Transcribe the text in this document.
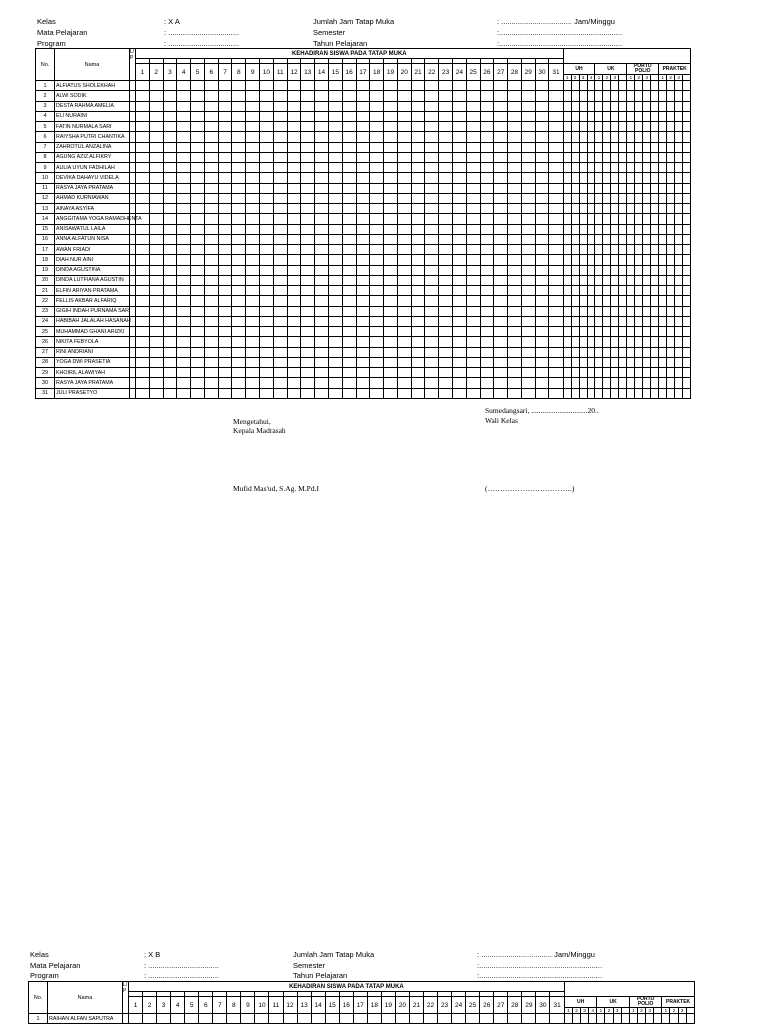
Kelas	: X A
Mata Pelajaran	: ..................................
Program	: ..................................
Jumlah Jam Tatap Muka	: .................................. Jam/Minggu
Semester	:...........................................................
Tahun Pelajaran	:...........................................................
No.	Nama	L/
P	KEHADIRAN SISWA PADA TATAP MUKA																																														

			1	2	3	4	5	6	7	8	9	10	11	12	13	14	15	16	17	18	19	20	21	22	23	24	25	26	27	28	29	30	31	UH				UK				PORTO
POLIO				PRAKTEK			
																																		1	2	3	4	1	2	3		1	2	3		1	2	3	
1	ALFIATUS SHOLEKHAH																																																
2	ALWI SODIK																																																
3	DESTA RAHMA AMELIA																																																
4	ELI NURAINI																																																
5	FATIN NURMALA SARI																																																
6	RAIYSHA PUTRI CHANTIKA																																																
7	ZAHROTUL ANZALINA																																																
8	AGUNG AZIZ ALFIKRY																																																
9	AULIA UYUN FADHILAH																																																
10	DEVIKA DAHAYU VIDELA																																																
11	RASYA JAYA PRATAMA																																																
12	AHMAD KURNIAWAN																																																
13	AINAYA ASYIFA																																																
14	ANGGITAMA YOGA RAMADHENTA																																																
15	ANISAWATUL LAILA																																																
16	ANNA ALFATUN NISA																																																
17	AWAN FRIADI																																																
18	DIAH NUR AINI																																																
19	DINDA AGUSTINA																																																
20	DINDA LUTFIANA AGUSTIN																																																
21	ELFIN ARIYAN PRATAMA																																																
22	FELLIS AKBAR ALFARIQ																																																
23	GIGIH INDAH PURNAMA SARI																																																
24	HABIBAH JALALAH HASANAH																																																
25	MUHAMMAD GHANI ARIZKI																																																
26	NIKITA FEBYOLA																																																
27	RINI ANDRIANI																																																
28	YOGA DWI PRASETIA																																																
29	KHOIRIL ALAWIYAH																																																
30	RASYA JAYA PRATAMA																																																
31	JULI PRASETYO																																																
Sumedangsari, ..............................20..
Wali Kelas
Mengetahui,
Kepala Madrasah
Mufid Mas'ud, S.Ag. M.Pd.I	(…………………………….)
Kelas	: X B
Mata Pelajaran	: ..................................
Program	: ..................................
Jumlah Jam Tatap Muka	: .................................. Jam/Minggu
Semester	:...........................................................
Tahun Pelajaran	:...........................................................
No.	Nama	L/
P	KEHADIRAN SISWA PADA TATAP MUKA																																														

			1	2	3	4	5	6	7	8	9	10	11	12	13	14	15	16	17	18	19	20	21	22	23	24	25	26	27	28	29	30	31	UH				UK				PORTO
POLIO				PRAKTEK			
																																		1	2	3	4	1	2	3		1	2	3		1	2	3	
1	RAIHAN ALFAN SAPUTRA																																																
